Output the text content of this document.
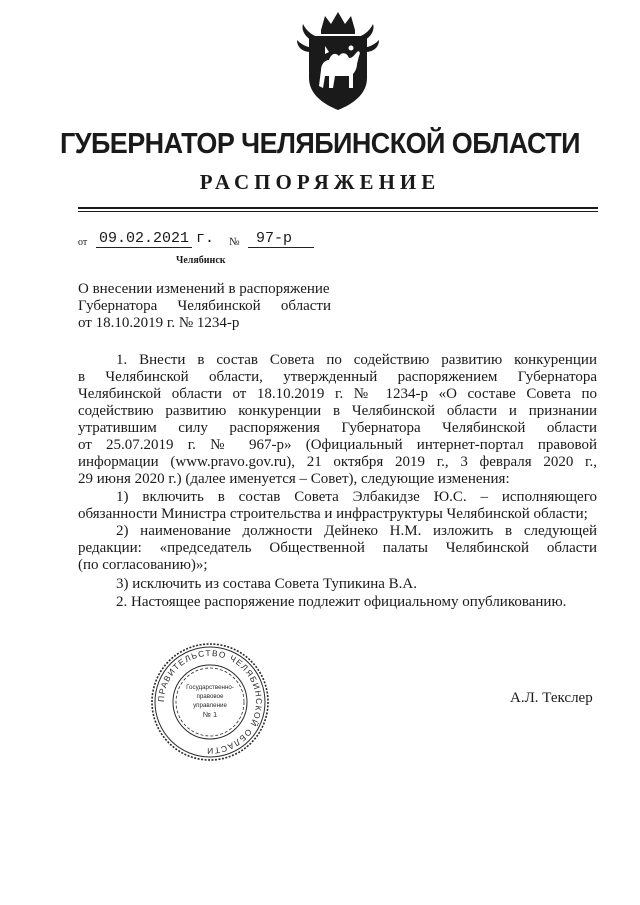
ГУБЕРНАТОР ЧЕЛЯБИНСКОЙ ОБЛАСТИ
РАСПОРЯЖЕНИЕ
от 09.02.2021 г. №	97-р
Челябинск
О внесении изменений в распоряжение
Губернатора Челябинской области
от 18.10.2019 г. № 1234-р
1. Внести в состав Совета по содействию развитию конкуренции
в Челябинской области, утвержденный распоряжением Губернатора
Челябинской области от 18.10.2019 г. № 1234-р «О составе Совета по
содействию развитию конкуренции в Челябинской области и признании
утратившим силу распоряжения Губернатора Челябинской области
от 25.07.2019 г. № 967-р» (Официальный интернет-портал правовой
информации (www.pravo.gov.ru), 21 октября 2019 г., 3 февраля 2020 г.,
29 июня 2020 г.) (далее именуется – Совет), следующие изменения:
1) включить в состав Совета Элбакидзе Ю.С. – исполняющего
обязанности Министра строительства и инфраструктуры Челябинской области;
2) наименование должности Дейнеко Н.М. изложить в следующей
редакции: «председатель Общественной палаты Челябинской области
(по согласованию)»;
3) исключить из состава Совета Тупикина В.А.
2. Настоящее распоряжение подлежит официальному опубликованию.
ПРАВИТЕЛЬСТВО ЧЕЛЯБИНСКОЙ ОБЛАСТИ
Государственно-
правовое
управление
№ 1
А.Л. Текслер
